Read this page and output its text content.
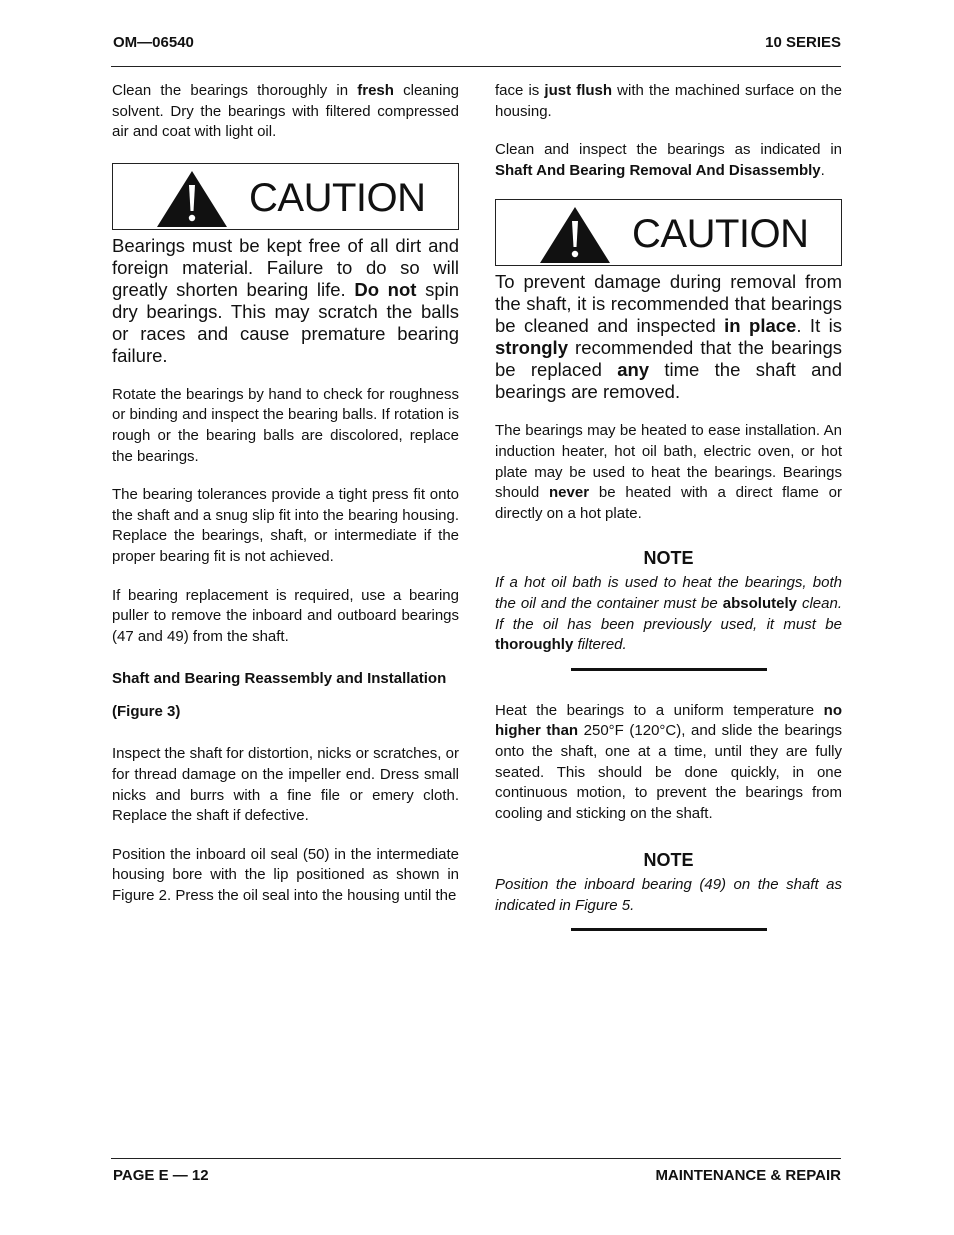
OM—06540	10 SERIES

Clean the bearings thoroughly in fresh cleaning solvent. Dry the bearings with filtered compressed air and coat with light oil.

CAUTION

Bearings must be kept free of all dirt and foreign material. Failure to do so will greatly shorten bearing life. Do not spin dry bearings. This may scratch the balls or races and cause premature bearing failure.

Rotate the bearings by hand to check for roughness or binding and inspect the bearing balls. If rotation is rough or the bearing balls are discolored, replace the bearings.

The bearing tolerances provide a tight press fit onto the shaft and a snug slip fit into the bearing housing. Replace the bearings, shaft, or intermediate if the proper bearing fit is not achieved.

If bearing replacement is required, use a bearing puller to remove the inboard and outboard bearings (47 and 49) from the shaft.

Shaft and Bearing Reassembly and Installation
(Figure 3)

Inspect the shaft for distortion, nicks or scratches, or for thread damage on the impeller end. Dress small nicks and burrs with a fine file or emery cloth. Replace the shaft if defective.

Position the inboard oil seal (50) in the intermediate housing bore with the lip positioned as shown in Figure 2. Press the oil seal into the housing until the

face is just flush with the machined surface on the housing.

Clean and inspect the bearings as indicated in Shaft And Bearing Removal And Disassembly.

CAUTION

To prevent damage during removal from the shaft, it is recommended that bearings be cleaned and inspected in place. It is strongly recommended that the bearings be replaced any time the shaft and bearings are removed.

The bearings may be heated to ease installation. An induction heater, hot oil bath, electric oven, or hot plate may be used to heat the bearings. Bearings should never be heated with a direct flame or directly on a hot plate.

NOTE
If a hot oil bath is used to heat the bearings, both the oil and the container must be absolutely clean. If the oil has been previously used, it must be thoroughly filtered.

Heat the bearings to a uniform temperature no higher than 250°F (120°C), and slide the bearings onto the shaft, one at a time, until they are fully seated. This should be done quickly, in one continuous motion, to prevent the bearings from cooling and sticking on the shaft.

NOTE
Position the inboard bearing (49) on the shaft as indicated in Figure 5.
PAGE E — 12	MAINTENANCE & REPAIR
